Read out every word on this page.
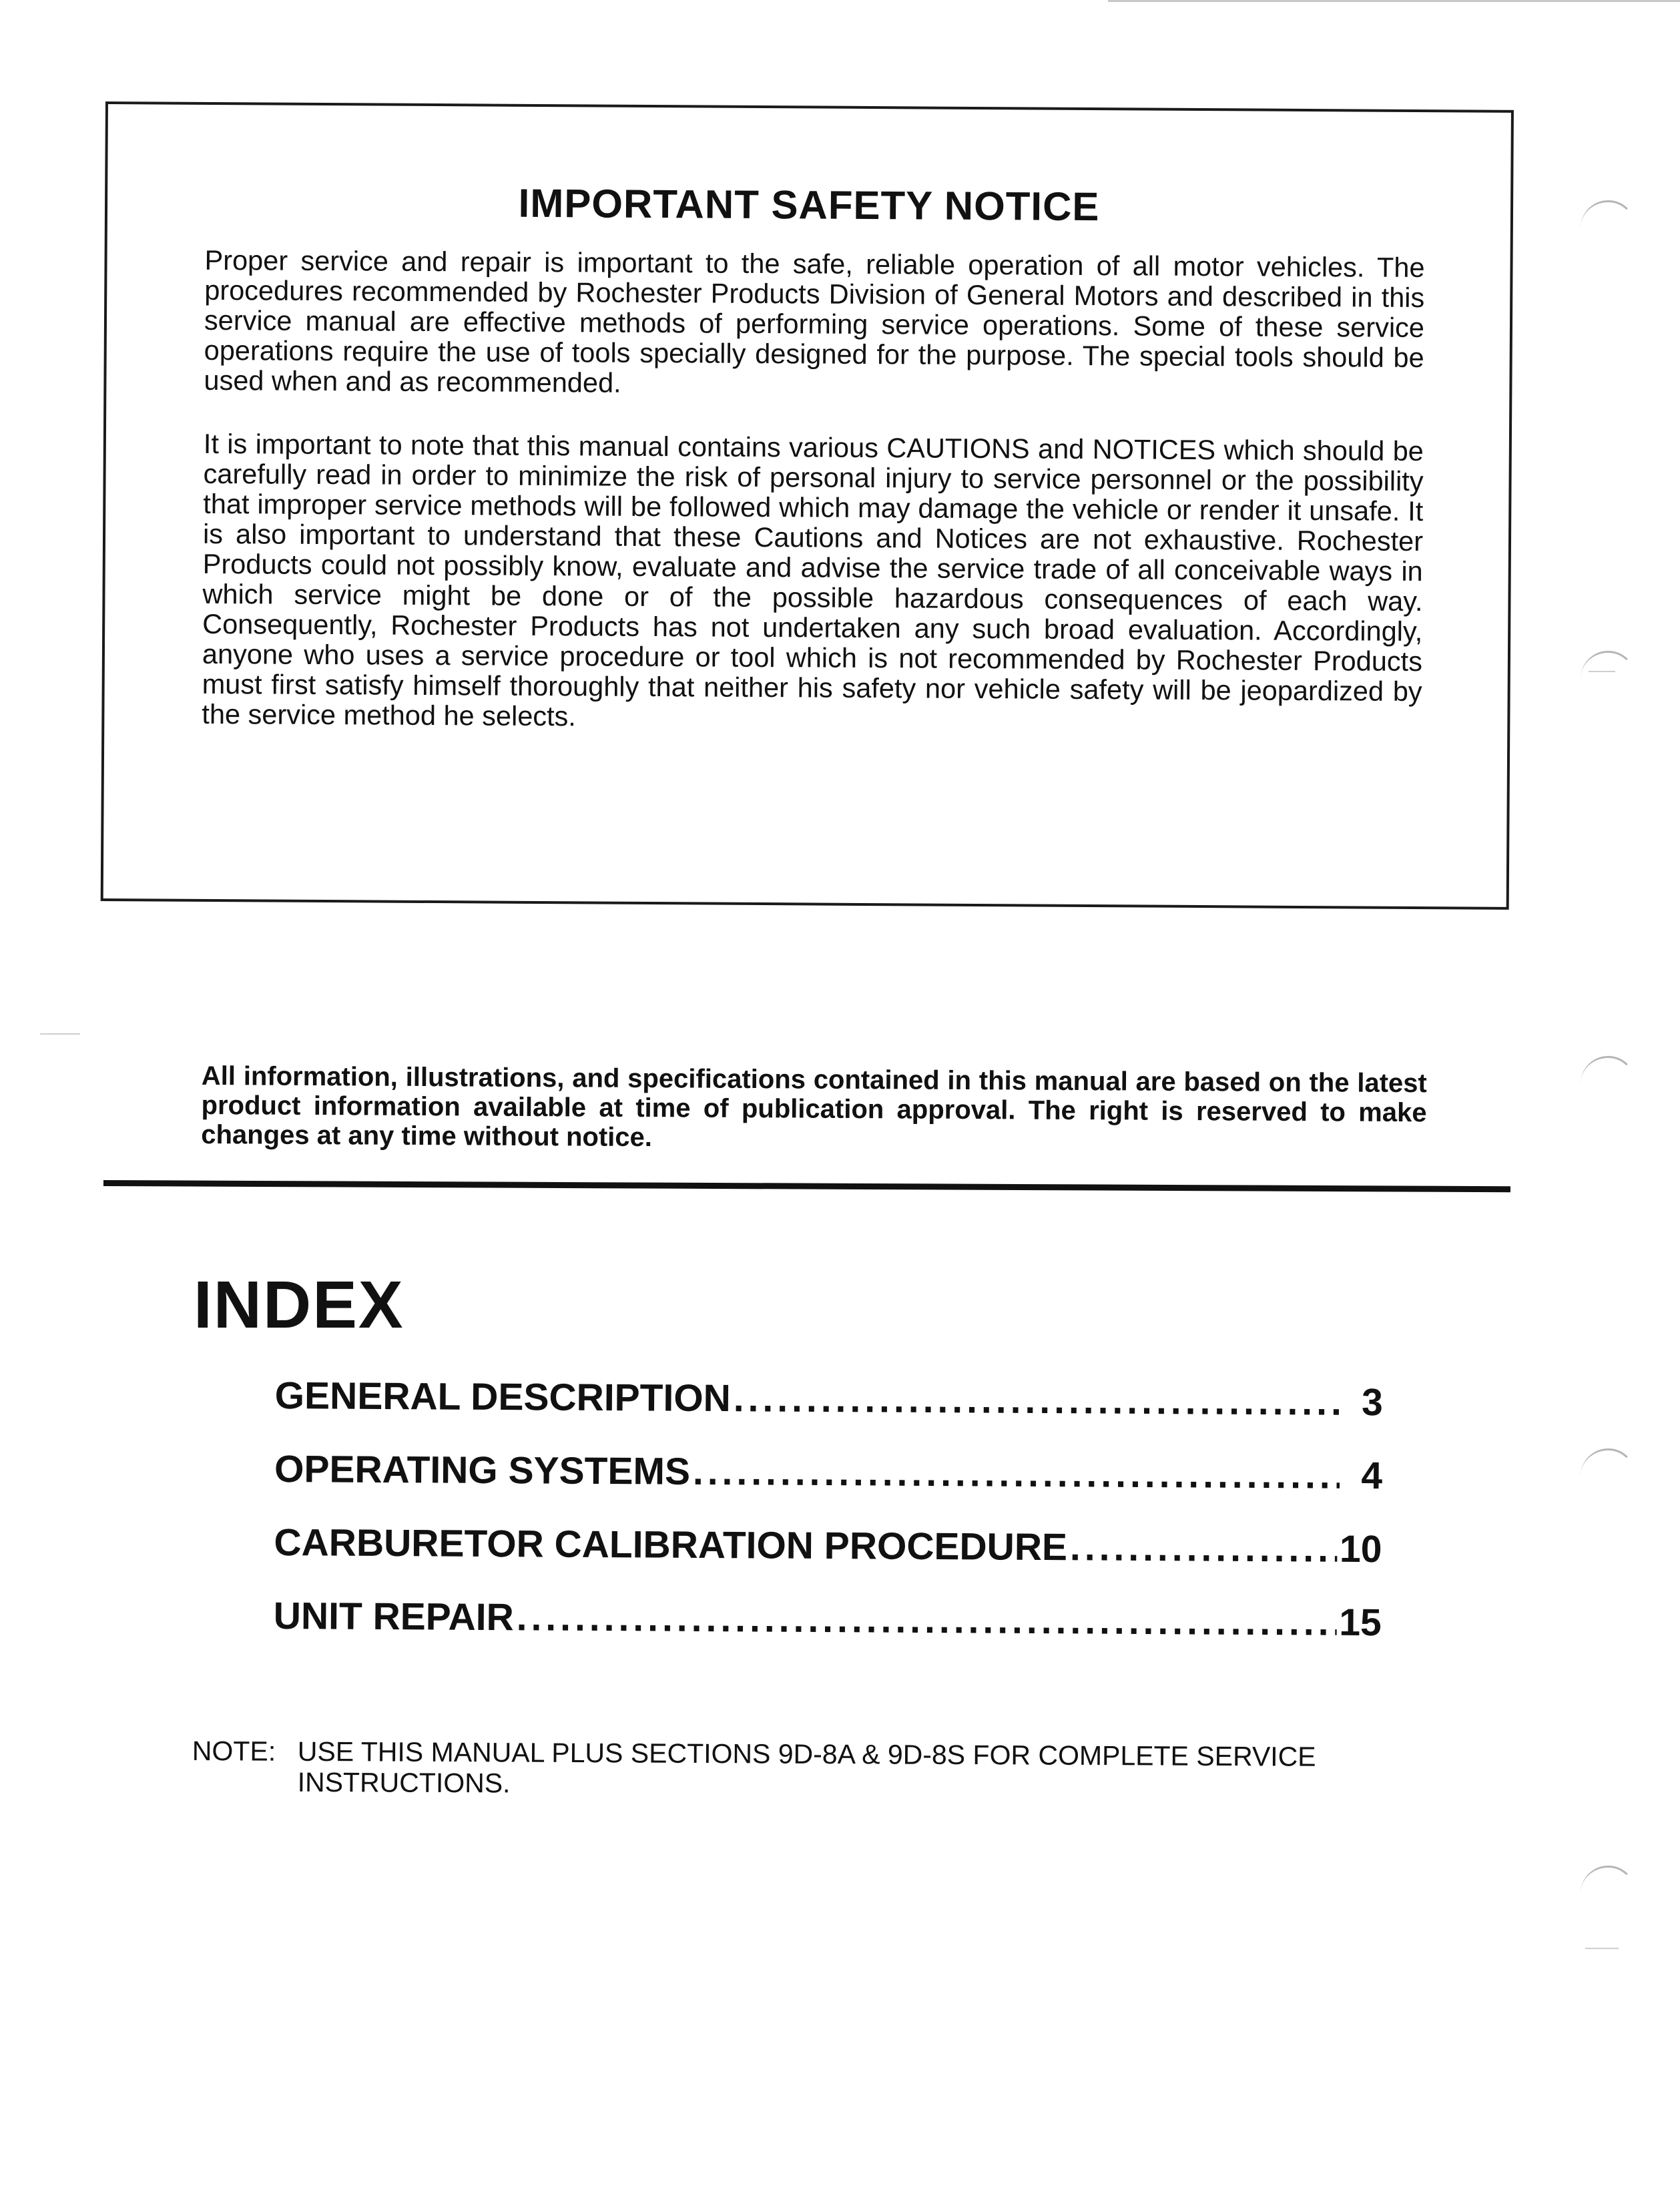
IMPORTANT SAFETY NOTICE

Proper service and repair is important to the safe, reliable operation of all motor vehicles. The procedures recommended by Rochester Products Division of General Motors and described in this service manual are effective methods of performing service operations. Some of these service operations require the use of tools specially designed for the purpose. The special tools should be used when and as recommended.

It is important to note that this manual contains various CAUTIONS and NOTICES which should be carefully read in order to minimize the risk of personal injury to service personnel or the possibility that improper service methods will be followed which may damage the vehicle or render it unsafe. It is also important to understand that these Cautions and Notices are not exhaustive. Rochester Products could not possibly know, evaluate and advise the service trade of all conceivable ways in which service might be done or of the possible hazardous consequences of each way. Consequently, Rochester Products has not undertaken any such broad evaluation. Accordingly, anyone who uses a service procedure or tool which is not recommended by Rochester Products must first satisfy himself thoroughly that neither his safety nor vehicle safety will be jeopardized by the service method he selects.

All information, illustrations, and specifications contained in this manual are based on the latest product information available at time of publication approval. The right is reserved to make changes at any time without notice.
INDEX
GENERAL DESCRIPTION .....	3
OPERATING SYSTEMS .....	4
CARBURETOR CALIBRATION PROCEDURE .....	10
UNIT REPAIR .....	15
NOTE: USE THIS MANUAL PLUS SECTIONS 9D-8A & 9D-8S FOR COMPLETE SERVICE INSTRUCTIONS.
